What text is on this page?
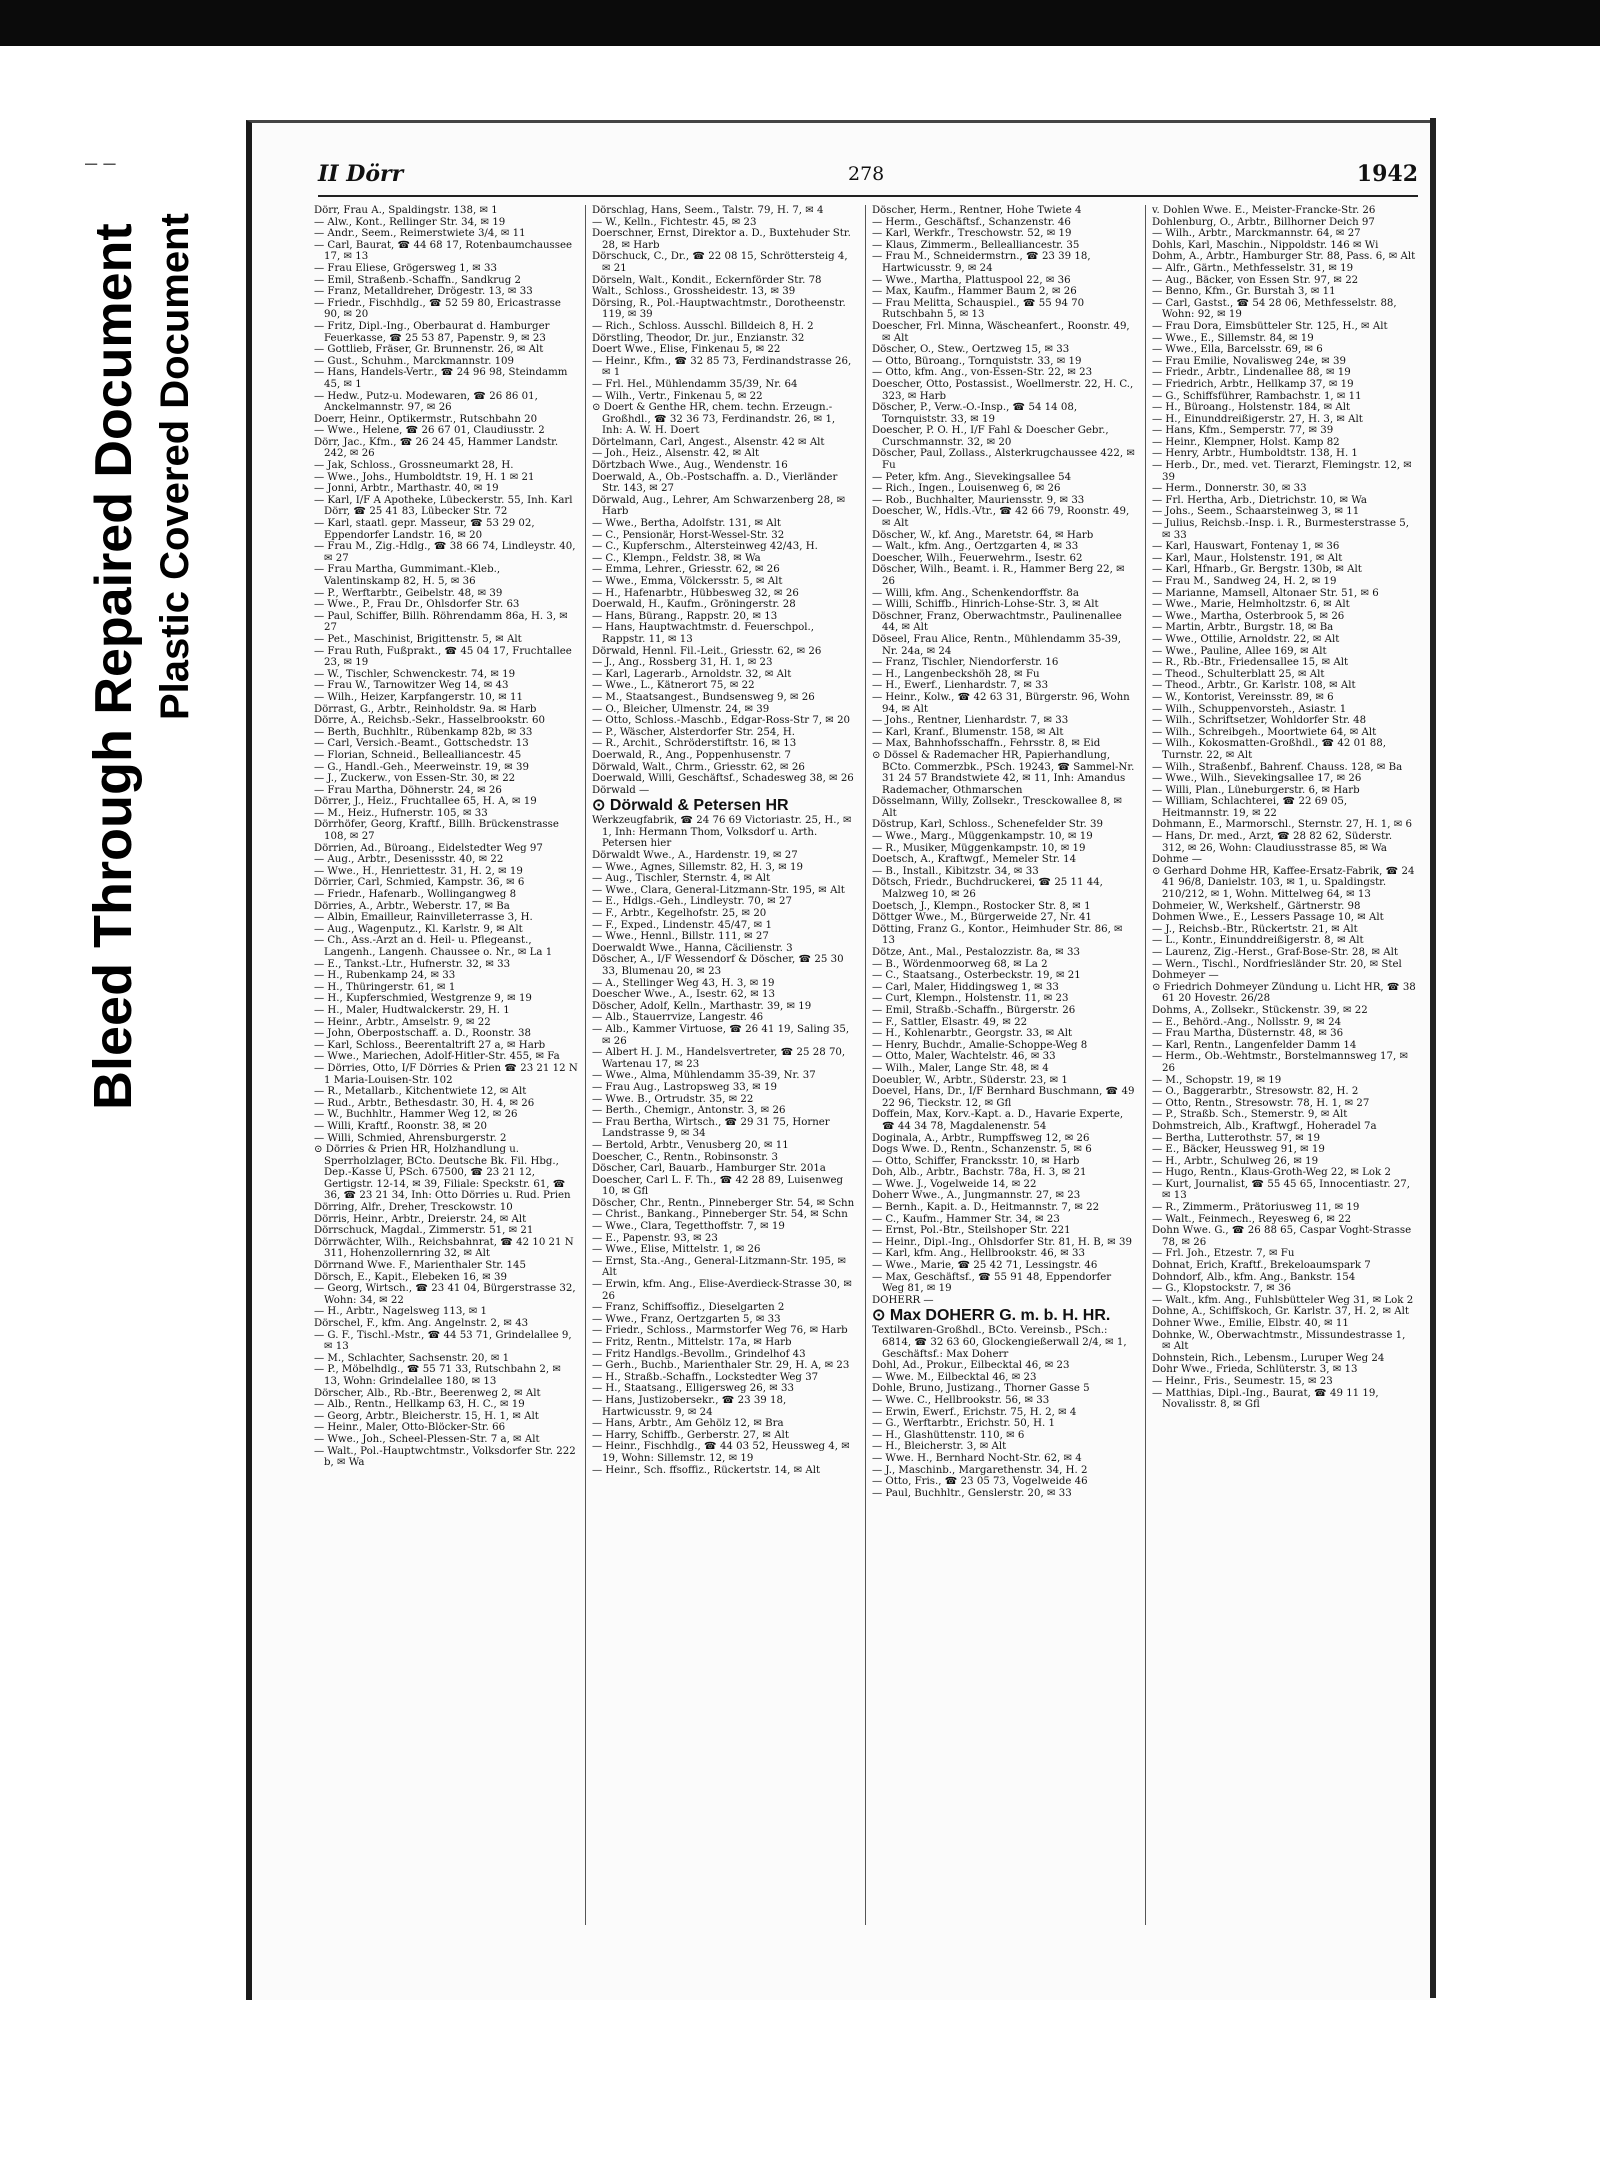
– –
Bleed Through Repaired Document Plastic Covered Document
II Dörr	278	1942

Dörr, Frau A., Spaldingstr. 138, ✉ 1

— Alw., Kont., Rellinger Str. 34, ✉ 19

— Andr., Seem., Reimerstwiete 3/4, ✉ 11

— Carl, Baurat, ☎ 44 68 17, Rotenbaumchaussee 17, ✉ 13

— Frau Eliese, Grögersweg 1, ✉ 33

— Emil, Straßenb.-Schaffn., Sandkrug 2

— Franz, Metalldreher, Drögestr. 13, ✉ 33

— Friedr., Fischhdlg., ☎ 52 59 80, Ericastrasse 90, ✉ 20

— Fritz, Dipl.-Ing., Oberbaurat d. Hamburger Feuerkasse, ☎ 25 53 87, Papenstr. 9, ✉ 23

— Gottlieb, Fräser, Gr. Brunnenstr. 26, ✉ Alt

— Gust., Schuhm., Marckmannstr. 109

— Hans, Handels-Vertr., ☎ 24 96 98, Steindamm 45, ✉ 1

— Hedw., Putz-u. Modewaren, ☎ 26 86 01, Anckelmannstr. 97, ✉ 26

Doerr, Heinr., Optikermstr., Rutschbahn 20

— Wwe., Helene, ☎ 26 67 01, Claudiusstr. 2

Dörr, Jac., Kfm., ☎ 26 24 45, Hammer Landstr. 242, ✉ 26

— Jak, Schloss., Grossneumarkt 28, H.

— Wwe., Johs., Humboldtstr. 19, H. 1 ✉ 21

— Jonni, Arbtr., Marthastr. 40, ✉ 19

— Karl, I/F A Apotheke, Lübeckerstr. 55, Inh. Karl Dörr, ☎ 25 41 83, Lübecker Str. 72

— Karl, staatl. gepr. Masseur, ☎ 53 29 02, Eppendorfer Landstr. 16, ✉ 20

— Frau M., Zig.-Hdlg., ☎ 38 66 74, Lindleystr. 40, ✉ 27

— Frau Martha, Gummimant.-Kleb., Valentinskamp 82, H. 5, ✉ 36

— P., Werftarbtr., Geibelstr. 48, ✉ 39

— Wwe., P., Frau Dr., Ohlsdorfer Str. 63

— Paul, Schiffer, Billh. Röhrendamm 86a, H. 3, ✉ 27

— Pet., Maschinist, Brigittenstr. 5, ✉ Alt

— Frau Ruth, Fußprakt., ☎ 45 04 17, Fruchtallee 23, ✉ 19

— W., Tischler, Schwenckestr. 74, ✉ 19

— Frau W., Tarnowitzer Weg 14, ✉ 43

— Wilh., Heizer, Karpfangerstr. 10, ✉ 11

Dörrast, G., Arbtr., Reinholdstr. 9a. ✉ Harb

Dörre, A., Reichsb.-Sekr., Hasselbrookstr. 60

— Berth, Buchhltr., Rübenkamp 82b, ✉ 33

— Carl, Versich.-Beamt., Gottschedstr. 13

— Florian, Schneid., Bellealliancestr. 45

— G., Handl.-Geh., Meerweinstr. 19, ✉ 39

— J., Zuckerw., von Essen-Str. 30, ✉ 22

— Frau Martha, Döhnerstr. 24, ✉ 26

Dörrer, J., Heiz., Fruchtallee 65, H. A, ✉ 19

— M., Heiz., Hufnerstr. 105, ✉ 33

Dörrhöfer, Georg, Kraftf., Billh. Brückenstrasse 108, ✉ 27

Dörrien, Ad., Büroang., Eidelstedter Weg 97

— Aug., Arbtr., Desenissstr. 40, ✉ 22

— Wwe., H., Henriettestr. 31, H. 2, ✉ 19

Dörrier, Carl, Schmied, Kampstr. 36, ✉ 6

— Friedr., Hafenarb., Wollingangweg 8

Dörries, A., Arbtr., Weberstr. 17, ✉ Ba

— Albin, Emailleur, Rainvilleterrasse 3, H.

— Aug., Wagenputz., Kl. Karlstr. 9, ✉ Alt

— Ch., Ass.-Arzt an d. Heil- u. Pflegeanst., Langenh., Langenh. Chaussee o. Nr., ✉ La 1

— E., Tankst.-Ltr., Hufnerstr. 32, ✉ 33

— H., Rubenkamp 24, ✉ 33

— H., Thüringerstr. 61, ✉ 1

— H., Kupferschmied, Westgrenze 9, ✉ 19

— H., Maler, Hudtwalckerstr. 29, H. 1

— Heinr., Arbtr., Amselstr. 9, ✉ 22

— John, Oberpostschaff. a. D., Roonstr. 38

— Karl, Schloss., Beerentaltrift 27 a, ✉ Harb

— Wwe., Mariechen, Adolf-Hitler-Str. 455, ✉ Fa

— Dörries, Otto, I/F Dörries & Prien ☎ 23 21 12 N 1 Maria-Louisen-Str. 102

— R., Metallarb., Kitchentwiete 12, ✉ Alt

— Rud., Arbtr., Bethesdastr. 30, H. 4, ✉ 26

— W., Buchhltr., Hammer Weg 12, ✉ 26

— Willi, Kraftf., Roonstr. 38, ✉ 20

— Willi, Schmied, Ahrensburgerstr. 2

⊙ Dörries & Prien HR, Holzhandlung u. Sperrholzlager, BCto. Deutsche Bk. Fil. Hbg., Dep.-Kasse U, PSch. 67500, ☎ 23 21 12, Gertigstr. 12-14, ✉ 39, Filiale: Speckstr. 61, ☎ 36, ☎ 23 21 34, Inh: Otto Dörries u. Rud. Prien

Dörring, Alfr., Dreher, Tresckowstr. 10

Dörris, Heinr., Arbtr., Dreierstr. 24, ✉ Alt

Dörrschuck, Magdal., Zimmerstr. 51, ✉ 21

Dörrwächter, Wilh., Reichsbahnrat, ☎ 42 10 21 N 311, Hohenzollernring 32, ✉ Alt

Dörrnand Wwe. F., Marienthaler Str. 145

Dörsch, E., Kapit., Elebeken 16, ✉ 39

— Georg, Wirtsch., ☎ 23 41 04, Bürgerstrasse 32, Wohn: 34, ✉ 22

— H., Arbtr., Nagelsweg 113, ✉ 1

Dörschel, F., kfm. Ang. Angelnstr. 2, ✉ 43

— G. F., Tischl.-Mstr., ☎ 44 53 71, Grindelallee 9, ✉ 13

— M., Schlachter, Sachsenstr. 20, ✉ 1

— P., Möbelhdlg., ☎ 55 71 33, Rutschbahn 2, ✉ 13, Wohn: Grindelallee 180, ✉ 13

Dörscher, Alb., Rb.-Btr., Beerenweg 2, ✉ Alt

— Alb., Rentn., Hellkamp 63, H. C., ✉ 19

— Georg, Arbtr., Bleicherstr. 15, H. 1, ✉ Alt

— Heinr., Maler, Otto-Blöcker-Str. 66

— Wwe., Joh., Scheel-Plessen-Str. 7 a, ✉ Alt

— Walt., Pol.-Hauptwchtmstr., Volksdorfer Str. 222 b, ✉ Wa

Dörschlag, Hans, Seem., Talstr. 79, H. 7, ✉ 4

— W., Kelln., Fichtestr. 45, ✉ 23

Doerschner, Ernst, Direktor a. D., Buxtehuder Str. 28, ✉ Harb

Dörschuck, C., Dr., ☎ 22 08 15, Schröttersteig 4, ✉ 21

Dörseln, Walt., Kondit., Eckernförder Str. 78

Walt., Schloss., Grossheidestr. 13, ✉ 39

Dörsing, R., Pol.-Hauptwachtmstr., Dorotheenstr. 119, ✉ 39

— Rich., Schloss. Ausschl. Billdeich 8, H. 2

Dörstling, Theodor, Dr. jur., Enzianstr. 32

Doert Wwe., Elise, Finkenau 5, ✉ 22

— Heinr., Kfm., ☎ 32 85 73, Ferdinandstrasse 26, ✉ 1

— Frl. Hel., Mühlendamm 35/39, Nr. 64

— Wilh., Vertr., Finkenau 5, ✉ 22

⊙ Doert & Genthe HR, chem. techn. Erzeugn.-Großhdl., ☎ 32 36 73, Ferdinandstr. 26, ✉ 1, Inh: A. W. H. Doert

Dörtelmann, Carl, Angest., Alsenstr. 42 ✉ Alt

— Joh., Heiz., Alsenstr. 42, ✉ Alt

Dörtzbach Wwe., Aug., Wendenstr. 16

Doerwald, A., Ob.-Postschaffn. a. D., Vierländer Str. 143, ✉ 27

Dörwald, Aug., Lehrer, Am Schwarzenberg 28, ✉ Harb

— Wwe., Bertha, Adolfstr. 131, ✉ Alt

— C., Pensionär, Horst-Wessel-Str. 32

— C., Kupferschm., Altersteinweg 42/43, H.

— C., Klempn., Feldstr. 38, ✉ Wa

— Emma, Lehrer., Griesstr. 62, ✉ 26

— Wwe., Emma, Völckersstr. 5, ✉ Alt

— H., Hafenarbtr., Hübbesweg 32, ✉ 26

Doerwald, H., Kaufm., Gröningerstr. 28

— Hans, Bürang., Rappstr. 20, ✉ 13

— Hans, Hauptwachtmstr. d. Feuerschpol., Rappstr. 11, ✉ 13

Dörwald, Hennl. Fil.-Leit., Griesstr. 62, ✉ 26

— J., Ang., Rossberg 31, H. 1, ✉ 23

— Karl, Lagerarb., Arnoldstr. 32, ✉ Alt

— Wwe., L., Kätnerort 75, ✉ 22

— M., Staatsangest., Bundsensweg 9, ✉ 26

— O., Bleicher, Ulmenstr. 24, ✉ 39

— Otto, Schloss.-Maschb., Edgar-Ross-Str 7, ✉ 20

— P., Wäscher, Alsterdorfer Str. 254, H.

— R., Archit., Schröderstiftstr. 16, ✉ 13

Doerwald, R., Ang., Poppenhusenstr. 7

Dörwald, Walt., Chrm., Griesstr. 62, ✉ 26

Doerwald, Willi, Geschäftsf., Schadesweg 38, ✉ 26

Dörwald —

⊙ Dörwald & Petersen HR

Werkzeugfabrik, ☎ 24 76 69 Victoriastr. 25, H., ✉ 1, Inh: Hermann Thom, Volksdorf u. Arth. Petersen hier

Dörwaldt Wwe., A., Hardenstr. 19, ✉ 27

— Wwe., Agnes, Sillemstr. 82, H. 3, ✉ 19

— Aug., Tischler, Sternstr. 4, ✉ Alt

— Wwe., Clara, General-Litzmann-Str. 195, ✉ Alt

— E., Hdlgs.-Geh., Lindleystr. 70, ✉ 27

— F., Arbtr., Kegelhofstr. 25, ✉ 20

— F., Exped., Lindenstr. 45/47, ✉ 1

— Wwe., Hennl., Billstr. 111, ✉ 27

Doerwaldt Wwe., Hanna, Cäcilienstr. 3

Döscher, A., I/F Wessendorf & Döscher, ☎ 25 30 33, Blumenau 20, ✉ 23

— A., Stellinger Weg 43, H. 3, ✉ 19

Doescher Wwe., A., Isestr. 62, ✉ 13

Döscher, Adolf, Kelln., Marthastr. 39, ✉ 19

— Alb., Stauerrvize, Langestr. 46

— Alb., Kammer Virtuose, ☎ 26 41 19, Saling 35, ✉ 26

— Albert H. J. M., Handelsvertreter, ☎ 25 28 70, Wartenau 17, ✉ 23

— Wwe., Alma, Mühlendamm 35-39, Nr. 37

— Frau Aug., Lastropsweg 33, ✉ 19

— Wwe. B., Ortrudstr. 35, ✉ 22

— Berth., Chemigr., Antonstr. 3, ✉ 26

— Frau Bertha, Wirtsch., ☎ 29 31 75, Horner Landstrasse 9, ✉ 34

— Bertold, Arbtr., Venusberg 20, ✉ 11

Doescher, C., Rentn., Robinsonstr. 3

Döscher, Carl, Bauarb., Hamburger Str. 201a

Doescher, Carl L. F. Th., ☎ 42 28 89, Luisenweg 10, ✉ Gfl

Döscher, Chr., Rentn., Pinneberger Str. 54, ✉ Schn

— Christ., Bankang., Pinneberger Str. 54, ✉ Schn

— Wwe., Clara, Tegetthoffstr. 7, ✉ 19

— E., Papenstr. 93, ✉ 23

— Wwe., Elise, Mittelstr. 1, ✉ 26

— Ernst, Sta.-Ang., General-Litzmann-Str. 195, ✉ Alt

— Erwin, kfm. Ang., Elise-Averdieck-Strasse 30, ✉ 26

— Franz, Schiffsoffiz., Dieselgarten 2

— Wwe., Franz, Oertzgarten 5, ✉ 33

— Friedr., Schloss., Marmstorfer Weg 76, ✉ Harb

— Fritz, Rentn., Mittelstr. 17a, ✉ Harb

— Fritz Handlgs.-Bevollm., Grindelhof 43

— Gerh., Buchb., Marienthaler Str. 29, H. A, ✉ 23

— H., Straßb.-Schaffn., Lockstedter Weg 37

— H., Staatsang., Elligersweg 26, ✉ 33

— Hans, Justizobersekr., ☎ 23 39 18, Hartwicusstr. 9, ✉ 24

— Hans, Arbtr., Am Gehölz 12, ✉ Bra

— Harry, Schiffb., Gerberstr. 27, ✉ Alt

— Heinr., Fischhdlg., ☎ 44 03 52, Heussweg 4, ✉ 19, Wohn: Sillemstr. 12, ✉ 19

— Heinr., Sch. ffsoffiz., Rückertstr. 14, ✉ Alt

Döscher, Herm., Rentner, Hohe Twiete 4

— Herm., Geschäftsf., Schanzenstr. 46

— Karl, Werkfr., Treschowstr. 52, ✉ 19

— Klaus, Zimmerm., Bellealliancestr. 35

— Frau M., Schneidermstrn., ☎ 23 39 18, Hartwicusstr. 9, ✉ 24

— Wwe., Martha, Plattuspool 22, ✉ 36

— Max, Kaufm., Hammer Baum 2, ✉ 26

— Frau Melitta, Schauspiel., ☎ 55 94 70 Rutschbahn 5, ✉ 13

Doescher, Frl. Minna, Wäscheanfert., Roonstr. 49, ✉ Alt

Döscher, O., Stew., Oertzweg 15, ✉ 33

— Otto, Büroang., Tornquiststr. 33, ✉ 19

— Otto, kfm. Ang., von-Essen-Str. 22, ✉ 23

Doescher, Otto, Postassist., Woellmerstr. 22, H. C., 323, ✉ Harb

Döscher, P., Verw.-O.-Insp., ☎ 54 14 08, Tornquiststr. 33, ✉ 19

Doescher, P. O. H., I/F Fahl & Doescher Gebr., Curschmannstr. 32, ✉ 20

Döscher, Paul, Zollass., Alsterkrugchaussee 422, ✉ Fu

— Peter, kfm. Ang., Sievekingsallee 54

— Rich., Ingen., Louisenweg 6, ✉ 26

— Rob., Buchhalter, Mauriensstr. 9, ✉ 33

Doescher, W., Hdls.-Vtr., ☎ 42 66 79, Roonstr. 49, ✉ Alt

Döscher, W., kf. Ang., Maretstr. 64, ✉ Harb

— Walt., kfm. Ang., Oertzgarten 4, ✉ 33

Doescher, Wilh., Feuerwehrm., Isestr. 62

Döscher, Wilh., Beamt. i. R., Hammer Berg 22, ✉ 26

— Willi, kfm. Ang., Schenkendorffstr. 8a

— Willi, Schiffb., Hinrich-Lohse-Str. 3, ✉ Alt

Döschner, Franz, Oberwachtmstr., Paulinenallee 44, ✉ Alt

Döseel, Frau Alice, Rentn., Mühlendamm 35-39, Nr. 24a, ✉ 24

— Franz, Tischler, Niendorferstr. 16

— H., Langenbeckshöh 28, ✉ Fu

— H., Ewerf., Lienhardstr. 7, ✉ 33

— Heinr., Kolw., ☎ 42 63 31, Bürgerstr. 96, Wohn 94, ✉ Alt

— Johs., Rentner, Lienhardstr. 7, ✉ 33

— Karl, Kranf., Blumenstr. 158, ✉ Alt

— Max, Bahnhofsschaffn., Fehrsstr. 8, ✉ Eid

⊙ Dössel & Rademacher HR, Papierhandlung, BCto. Commerzbk., PSch. 19243, ☎ Sammel-Nr. 31 24 57 Brandstwiete 42, ✉ 11, Inh: Amandus Rademacher, Othmarschen

Dösselmann, Willy, Zollsekr., Tresckowallee 8, ✉ Alt

Döstrup, Karl, Schloss., Schenefelder Str. 39

— Wwe., Marg., Müggenkampstr. 10, ✉ 19

— R., Musiker, Müggenkampstr. 10, ✉ 19

Doetsch, A., Kraftwgf., Memeler Str. 14

— B., Install., Kibitzstr. 34, ✉ 33

Dötsch, Friedr., Buchdruckerei, ☎ 25 11 44, Malzweg 10, ✉ 26

Doetsch, J., Klempn., Rostocker Str. 8, ✉ 1

Döttger Wwe., M., Bürgerweide 27, Nr. 41

Dötting, Franz G., Kontor., Heimhuder Str. 86, ✉ 13

Dötze, Ant., Mal., Pestalozzistr. 8a, ✉ 33

— B., Wördenmoorweg 68, ✉ La 2

— C., Staatsang., Osterbeckstr. 19, ✉ 21

— Carl, Maler, Hiddingsweg 1, ✉ 33

— Curt, Klempn., Holstenstr. 11, ✉ 23

— Emil, Straßb.-Schaffn., Bürgerstr. 26

— F., Sattler, Elsastr. 49, ✉ 22

— H., Kohlenarbtr., Georgstr. 33, ✉ Alt

— Henry, Buchdr., Amalie-Schoppe-Weg 8

— Otto, Maler, Wachtelstr. 46, ✉ 33

— Wilh., Maler, Lange Str. 48, ✉ 4

Doeubler, W., Arbtr., Süderstr. 23, ✉ 1

Doevel, Hans, Dr., I/F Bernhard Buschmann, ☎ 49 22 96, Tieckstr. 12, ✉ Gfl

Doffein, Max, Korv.-Kapt. a. D., Havarie Experte, ☎ 44 34 78, Magdalenenstr. 54

Doginala, A., Arbtr., Rumpffsweg 12, ✉ 26

Dogs Wwe. D., Rentn., Schanzenstr. 5, ✉ 6

— Otto, Schiffer, Francksstr. 10, ✉ Harb

Doh, Alb., Arbtr., Bachstr. 78a, H. 3, ✉ 21

— Wwe. J., Vogelweide 14, ✉ 22

Doherr Wwe., A., Jungmannstr. 27, ✉ 23

— Bernh., Kapit. a. D., Heitmannstr. 7, ✉ 22

— C., Kaufm., Hammer Str. 34, ✉ 23

— Ernst, Pol.-Btr., Steilshoper Str. 221

— Heinr., Dipl.-Ing., Ohlsdorfer Str. 81, H. B, ✉ 39

— Karl, kfm. Ang., Hellbrookstr. 46, ✉ 33

— Wwe., Marie, ☎ 25 42 71, Lessingstr. 46

— Max, Geschäftsf., ☎ 55 91 48, Eppendorfer Weg 81, ✉ 19

DOHERR —

⊙ Max DOHERR G. m. b. H. HR.

Textilwaren-Großhdl., BCto. Vereinsb., PSch.: 6814, ☎ 32 63 60, Glockengießerwall 2/4, ✉ 1, Geschäftsf.: Max Doherr

Dohl, Ad., Prokur., Eilbecktal 46, ✉ 23

— Wwe. M., Eilbecktal 46, ✉ 23

Dohle, Bruno, Justizang., Thorner Gasse 5

— Wwe. C., Hellbrookstr. 56, ✉ 33

— Erwin, Ewerf., Erichstr. 75, H. 2, ✉ 4

— G., Werftarbtr., Erichstr. 50, H. 1

— H., Glashüttenstr. 110, ✉ 6

— H., Bleicherstr. 3, ✉ Alt

— Wwe. H., Bernhard Nocht-Str. 62, ✉ 4

— J., Maschinb., Margarethenstr. 34, H. 2

— Otto, Fris., ☎ 23 05 73, Vogelweide 46

— Paul, Buchhltr., Genslerstr. 20, ✉ 33

v. Dohlen Wwe. E., Meister-Francke-Str. 26

Dohlenburg, O., Arbtr., Billhorner Deich 97

— Wilh., Arbtr., Marckmannstr. 64, ✉ 27

Dohls, Karl, Maschin., Nippoldstr. 146 ✉ Wi

Dohm, A., Arbtr., Hamburger Str. 88, Pass. 6, ✉ Alt

— Alfr., Gärtn., Methfesselstr. 31, ✉ 19

— Aug., Bäcker, von Essen Str. 97, ✉ 22

— Benno, Kfm., Gr. Burstah 3, ✉ 11

— Carl, Gastst., ☎ 54 28 06, Methfesselstr. 88, Wohn: 92, ✉ 19

— Frau Dora, Eimsbütteler Str. 125, H., ✉ Alt

— Wwe., E., Sillemstr. 84, ✉ 19

— Wwe., Ella, Barcelsstr. 69, ✉ 6

— Frau Emilie, Novalisweg 24e, ✉ 39

— Friedr., Arbtr., Lindenallee 88, ✉ 19

— Friedrich, Arbtr., Hellkamp 37, ✉ 19

— G., Schiffsführer, Rambachstr. 1, ✉ 11

— H., Büroang., Holstenstr. 184, ✉ Alt

— H., Einunddreißigerstr. 27, H. 3, ✉ Alt

— Hans, Kfm., Semperstr. 77, ✉ 39

— Heinr., Klempner, Holst. Kamp 82

— Henry, Arbtr., Humboldtstr. 138, H. 1

— Herb., Dr., med. vet. Tierarzt, Flemingstr. 12, ✉ 39

— Herm., Donnerstr. 30, ✉ 33

— Frl. Hertha, Arb., Dietrichstr. 10, ✉ Wa

— Johs., Seem., Schaarsteinweg 3, ✉ 11

— Julius, Reichsb.-Insp. i. R., Burmesterstrasse 5, ✉ 33

— Karl, Hauswart, Fontenay 1, ✉ 36

— Karl, Maur., Holstenstr. 191, ✉ Alt

— Karl, Hfnarb., Gr. Bergstr. 130b, ✉ Alt

— Frau M., Sandweg 24, H. 2, ✉ 19

— Marianne, Mamsell, Altonaer Str. 51, ✉ 6

— Wwe., Marie, Helmholtzstr. 6, ✉ Alt

— Wwe., Martha, Osterbrook 5, ✉ 26

— Martin, Arbtr., Burgstr. 18, ✉ Ba

— Wwe., Ottilie, Arnoldstr. 22, ✉ Alt

— Wwe., Pauline, Allee 169, ✉ Alt

— R., Rb.-Btr., Friedensallee 15, ✉ Alt

— Theod., Schulterblatt 25, ✉ Alt

— Theod., Arbtr., Gr. Karlstr. 108, ✉ Alt

— W., Kontorist, Vereinsstr. 89, ✉ 6

— Wilh., Schuppenvorsteh., Asiastr. 1

— Wilh., Schriftsetzer, Wohldorfer Str. 48

— Wilh., Schreibgeh., Moortwiete 64, ✉ Alt

— Wilh., Kokosmatten-Großhdl., ☎ 42 01 88, Turnstr. 22, ✉ Alt

— Wilh., Straßenbf., Bahrenf. Chauss. 128, ✉ Ba

— Wwe., Wilh., Sievekingsallee 17, ✉ 26

— Willi, Plan., Lüneburgerstr. 6, ✉ Harb

— William, Schlachterei, ☎ 22 69 05, Heitmannstr. 19, ✉ 22

Dohmann, E., Marmorschl., Sternstr. 27, H. 1, ✉ 6

— Hans, Dr. med., Arzt, ☎ 28 82 62, Süderstr. 312, ✉ 26, Wohn: Claudiusstrasse 85, ✉ Wa

Dohme —

⊙ Gerhard Dohme HR, Kaffee-Ersatz-Fabrik, ☎ 24 41 96/8, Danielstr. 103, ✉ 1, u. Spaldingstr. 210/212, ✉ 1, Wohn. Mittelweg 64, ✉ 13

Dohmeier, W., Werkshelf., Gärtnerstr. 98

Dohmen Wwe., E., Lessers Passage 10, ✉ Alt

— J., Reichsb.-Btr., Rückertstr. 21, ✉ Alt

— L., Kontr., Einunddreißigerstr. 8, ✉ Alt

— Laurenz, Zig.-Herst., Graf-Bose-Str. 28, ✉ Alt

— Wern., Tischl., Nordfriesländer Str. 20, ✉ Stel

Dohmeyer —

⊙ Friedrich Dohmeyer Zündung u. Licht HR, ☎ 38 61 20 Hovestr. 26/28

Dohms, A., Zollsekr., Stückenstr. 39, ✉ 22

— E., Behörd.-Ang., Nollsstr. 9, ✉ 24

— Frau Martha, Düsternstr. 48, ✉ 36

— Karl, Rentn., Langenfelder Damm 14

— Herm., Ob.-Wehtmstr., Borstelmannsweg 17, ✉ 26

— M., Schopstr. 19, ✉ 19

— O., Baggerarbtr., Stresowstr. 82, H. 2

— Otto, Rentn., Stresowstr. 78, H. 1, ✉ 27

— P., Straßb. Sch., Stemerstr. 9, ✉ Alt

Dohmstreich, Alb., Kraftwgf., Hoheradel 7a

— Bertha, Lutterothstr. 57, ✉ 19

— E., Bäcker, Heussweg 91, ✉ 19

— H., Arbtr., Schulweg 26, ✉ 19

— Hugo, Rentn., Klaus-Groth-Weg 22, ✉ Lok 2

— Kurt, Journalist, ☎ 55 45 65, Innocentiastr. 27, ✉ 13

— R., Zimmerm., Prätoriusweg 11, ✉ 19

— Walt., Feinmech., Reyesweg 6, ✉ 22

Dohn Wwe. G., ☎ 26 88 65, Caspar Voght-Strasse 78, ✉ 26

— Frl. Joh., Etzestr. 7, ✉ Fu

Dohnat, Erich, Kraftf., Brekeloaumspark 7

Dohndorf, Alb., kfm. Ang., Bankstr. 154

— G., Klopstockstr. 7, ✉ 36

— Walt., kfm. Ang., Fuhlsbütteler Weg 31, ✉ Lok 2

Dohne, A., Schiffskoch, Gr. Karlstr. 37, H. 2, ✉ Alt

Dohner Wwe., Emilie, Elbstr. 40, ✉ 11

Dohnke, W., Oberwachtmstr., Missundestrasse 1, ✉ Alt

Dohnstein, Rich., Lebensm., Luruper Weg 24

Dohr Wwe., Frieda, Schlüterstr. 3, ✉ 13

— Heinr., Fris., Seumestr. 15, ✉ 23

— Matthias, Dipl.-Ing., Baurat, ☎ 49 11 19, Novalisstr. 8, ✉ Gfl
